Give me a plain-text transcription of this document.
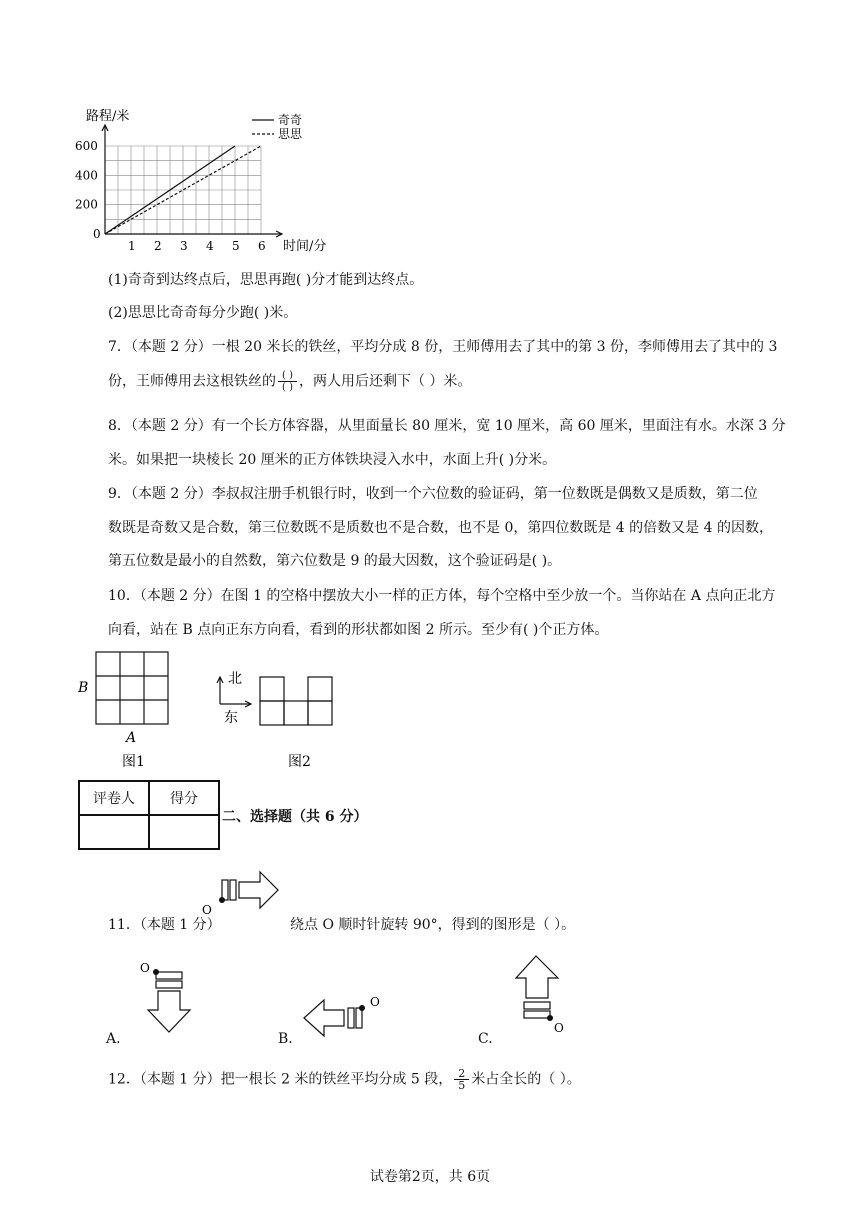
路程/米
时间/分
0
1 2 3 4 5 6
200
400
600
奇奇
思思
(1)奇奇到达终点后，思思再跑( )分才能到达终点。
(2)思思比奇奇每分少跑( )米。
7．（本题 2 分）一根 20 米长的铁丝，平均分成 8 份，王师傅用去了其中的第 3 份，李师傅用去了其中的 3
份，王师傅用去这根铁丝的 $\frac{( )}{( )}$ ，两人用后还剩下（ ）米。
8．（本题 2 分）有一个长方体容器，从里面量长 80 厘米，宽 10 厘米，高 60 厘米，里面注有水。水深 3 分
米。如果把一块棱长 20 厘米的正方体铁块浸入水中，水面上升( )分米。
9．（本题 2 分）李叔叔注册手机银行时，收到一个六位数的验证码，第一位数既是偶数又是质数，第二位
数既是奇数又是合数，第三位数既不是质数也不是合数，也不是 0，第四位数既是 4 的倍数又是 4 的因数，
第五位数是最小的自然数，第六位数是 9 的最大因数，这个验证码是( )。
10．（本题 2 分）在图 1 的空格中摆放大小一样的正方体，每个空格中至少放一个。当你站在 A 点向正北方
向看，站在 B 点向正东方向看，看到的形状都如图 2 所示。至少有( )个正方体。
B
A
图1
北
东
图2
评卷人	得分

二、选择题（共 6 分）
O
11．（本题 1 分）	绕点 O 顺时针旋转 90°，得到的图形是（ ）。
O
A.
O
B.
O
C.
12．（本题 1 分）把一根长 2 米的铁丝平均分成 5 段， $\frac{2}{5}$ 米占全长的（ ）。
试卷第2页，共 6页
